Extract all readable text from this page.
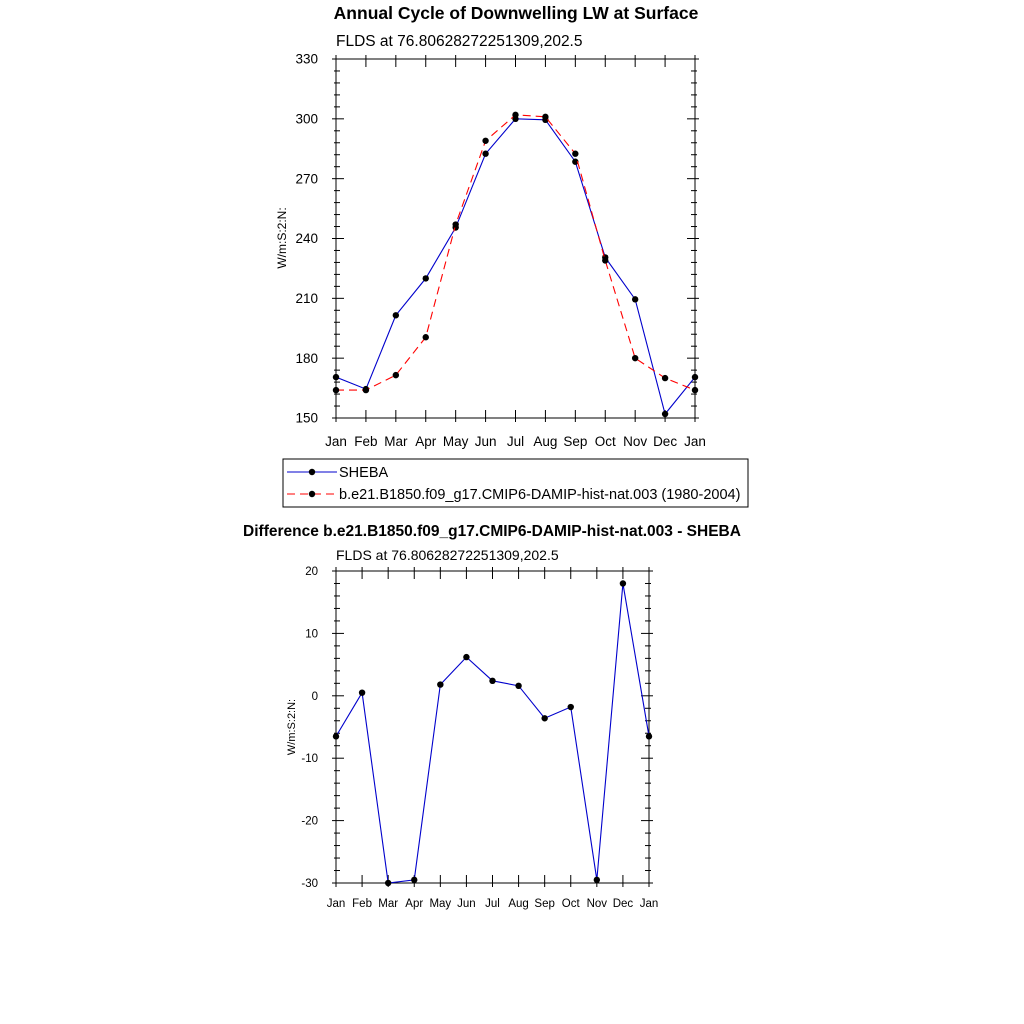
Annual Cycle of Downwelling LW at Surface
FLDS at 76.80628272251309,202.5
W/m:S:2:N:
150
180
210
240
270
300
330
Jan Feb Mar Apr May Jun Jul Aug Sep Oct Nov Dec Jan
SHEBA
b.e21.B1850.f09_g17.CMIP6-DAMIP-hist-nat.003 (1980-2004)
Difference b.e21.B1850.f09_g17.CMIP6-DAMIP-hist-nat.003 - SHEBA
FLDS at 76.80628272251309,202.5
W/m:S:2:N:
-30
-20
-10
0
10
20
Jan Feb Mar Apr May Jun Jul Aug Sep Oct Nov Dec Jan
